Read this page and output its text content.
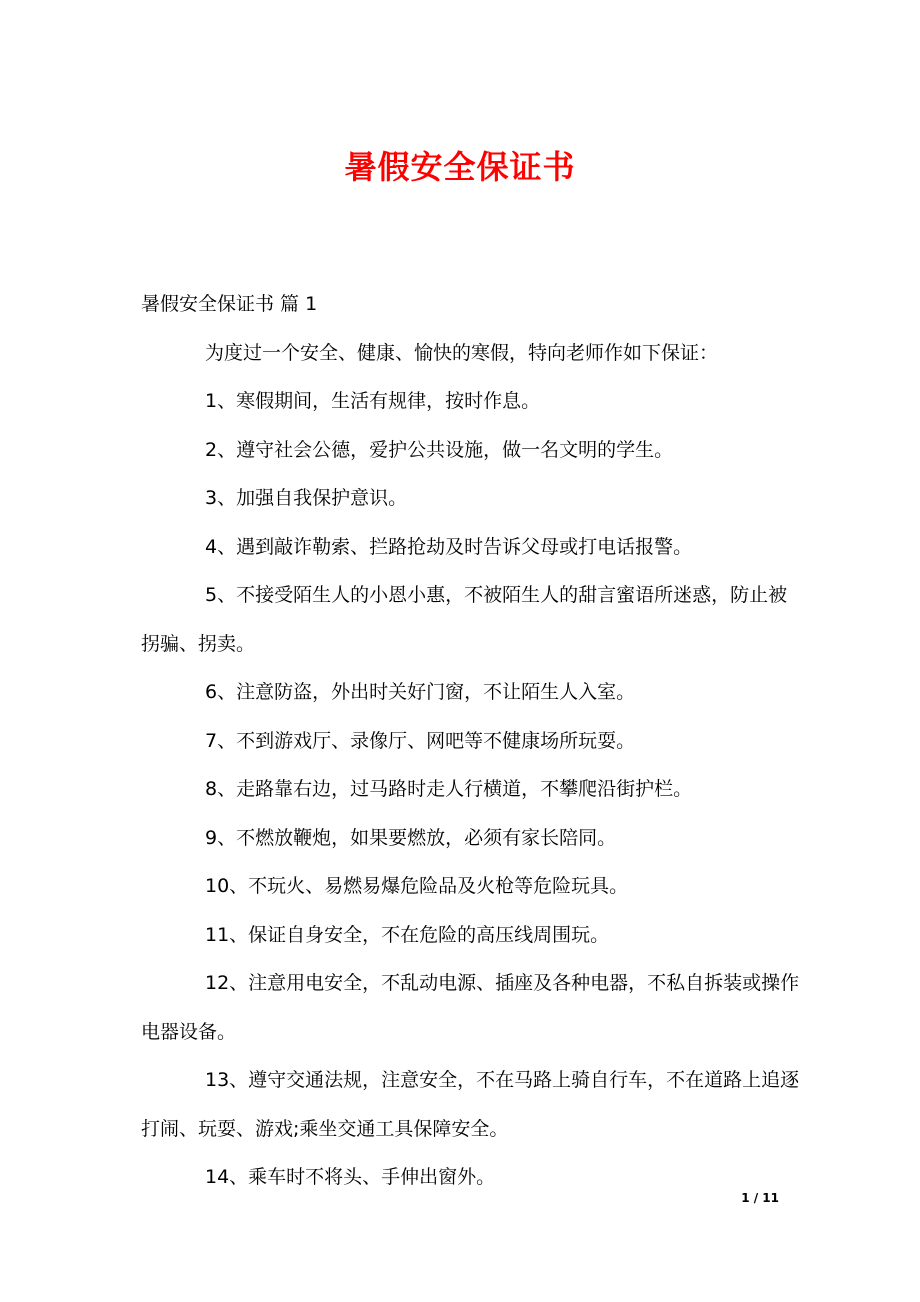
暑假安全保证书

暑假安全保证书 篇 1

为度过一个安全、健康、愉快的寒假，特向老师作如下保证：

1、寒假期间，生活有规律，按时作息。

2、遵守社会公德，爱护公共设施，做一名文明的学生。

3、加强自我保护意识。

4、遇到敲诈勒索、拦路抢劫及时告诉父母或打电话报警。

5、不接受陌生人的小恩小惠，不被陌生人的甜言蜜语所迷惑，防止被拐骗、拐卖。

6、注意防盗，外出时关好门窗，不让陌生人入室。

7、不到游戏厅、录像厅、网吧等不健康场所玩耍。

8、走路靠右边，过马路时走人行横道，不攀爬沿街护栏。

9、不燃放鞭炮，如果要燃放，必须有家长陪同。

10、不玩火、易燃易爆危险品及火枪等危险玩具。

11、保证自身安全，不在危险的高压线周围玩。

12、注意用电安全，不乱动电源、插座及各种电器，不私自拆装或操作电器设备。

13、遵守交通法规，注意安全，不在马路上骑自行车，不在道路上追逐打闹、玩耍、游戏;乘坐交通工具保障安全。

14、乘车时不将头、手伸出窗外。

1 / 11
